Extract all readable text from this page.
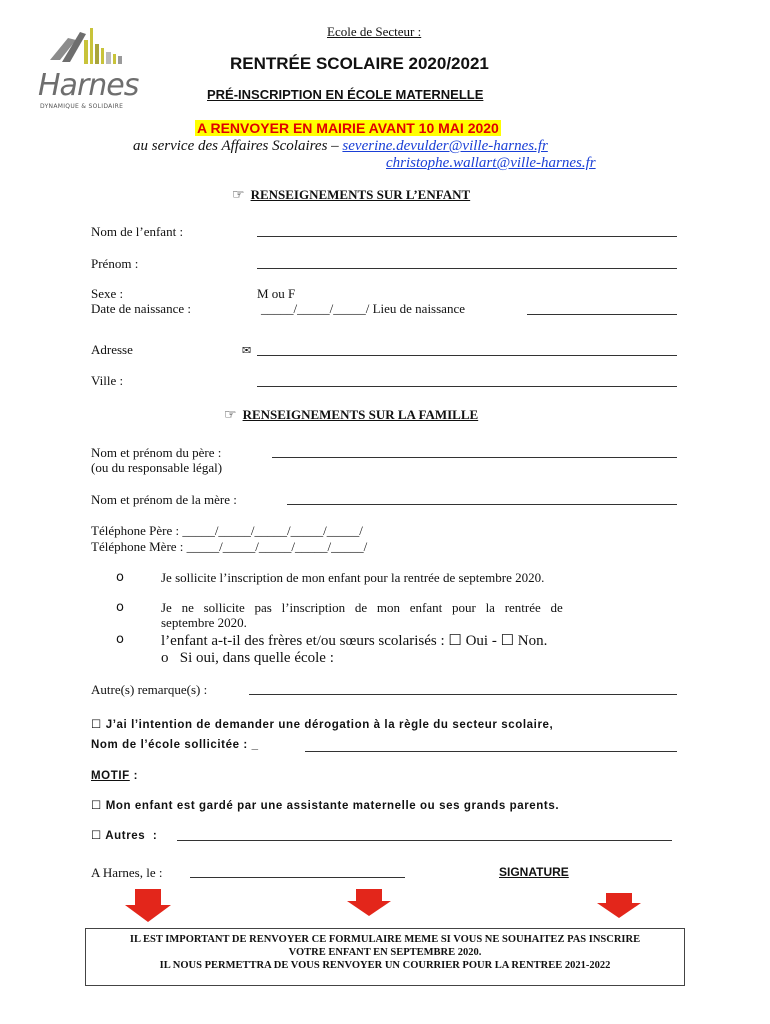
Harnes
DYNAMIQUE & SOLIDAIRE
Ecole de Secteur :
RENTRÉE SCOLAIRE 2020/2021
PRÉ-INSCRIPTION EN ÉCOLE MATERNELLE
A RENVOYER EN MAIRIE AVANT 10 MAI 2020
au service des Affaires Scolaires – severine.devulder@ville-harnes.fr
christophe.wallart@ville-harnes.fr
☞ RENSEIGNEMENTS SUR L’ENFANT
Nom de l’enfant :
Prénom :
Sexe :	M ou F
Date de naissance :	_____/_____/_____/ Lieu de naissance
Adresse	✉
Ville :
☞ RENSEIGNEMENTS SUR LA FAMILLE
Nom et prénom du père :
(ou du responsable légal)
Nom et prénom de la mère :
Téléphone Père : _____/_____/_____/_____/_____/
Téléphone Mère : _____/_____/_____/_____/_____/
o	Je sollicite l’inscription de mon enfant pour la rentrée de septembre 2020.
o	Je   ne   sollicite   pas   l’inscription   de   mon   enfant   pour   la   rentrée   de
septembre 2020.
o l’enfant a-t-il des frères et/ou sœurs scolarisés : ☐ Oui - ☐ Non.
o   Si oui, dans quelle école :
Autre(s) remarque(s) :
☐ J’ai l’intention de demander une dérogation à la règle du secteur scolaire,
Nom de l’école sollicitée : _
MOTIF :
☐ Mon enfant est gardé par une assistante maternelle ou ses grands parents.
☐ Autres  :
A Harnes, le :	SIGNATURE
IL EST IMPORTANT DE RENVOYER CE FORMULAIRE MEME SI VOUS NE SOUHAITEZ PAS INSCRIRE
VOTRE ENFANT EN SEPTEMBRE 2020.
IL NOUS PERMETTRA DE VOUS RENVOYER UN COURRIER POUR LA RENTREE 2021-2022
